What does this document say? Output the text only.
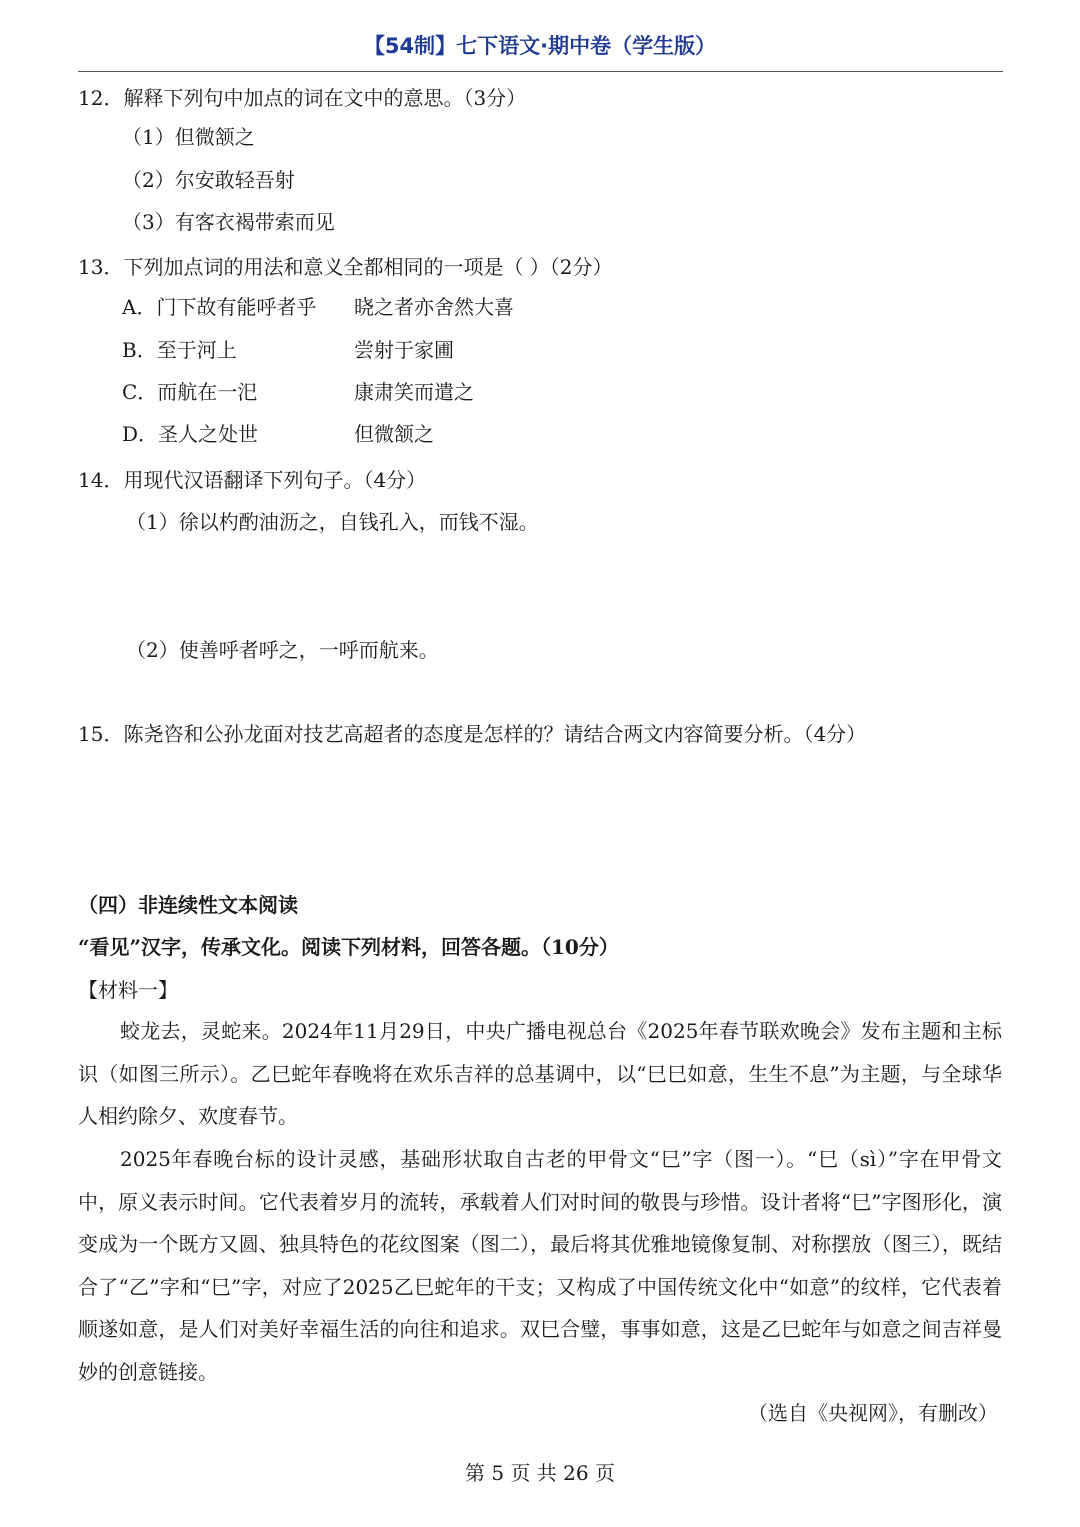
【54制】七下语文·期中卷（学生版）
12．解释下列句中加点的词在文中的意思。（3分）
（1）但微颔之
（2）尔安敢轻吾射
（3）有客衣褐带索而见
13．下列加点词的用法和意义全都相同的一项是（ ）（2分）
A．门下故有能呼者乎 晓之者亦舍然大喜
B．至于河上	尝射于家圃
C．而航在一汜	康肃笑而遣之
D．圣人之处世	但微颔之
14．用现代汉语翻译下列句子。（4分）
（1）徐以杓酌油沥之，自钱孔入，而钱不湿。
（2）使善呼者呼之，一呼而航来。
15．陈尧咨和公孙龙面对技艺高超者的态度是怎样的？请结合两文内容简要分析。（4分）
（四）非连续性文本阅读
“看见”汉字，传承文化。阅读下列材料，回答各题。（10分）
【材料一】
蛟龙去，灵蛇来。2024年11月29日，中央广播电视总台《2025年春节联欢晚会》发布主题和主标识（如图三所示）。乙巳蛇年春晚将在欢乐吉祥的总基调中，以“巳巳如意，生生不息”为主题，与全球华人相约除夕、欢度春节。
2025年春晚台标的设计灵感，基础形状取自古老的甲骨文“巳”字（图一）。“巳（sì）”字在甲骨文中，原义表示时间。它代表着岁月的流转，承载着人们对时间的敬畏与珍惜。设计者将“巳”字图形化，演变成为一个既方又圆、独具特色的花纹图案（图二），最后将其优雅地镜像复制、对称摆放（图三），既结合了“乙”字和“巳”字，对应了2025乙巳蛇年的干支；又构成了中国传统文化中“如意”的纹样，它代表着顺遂如意，是人们对美好幸福生活的向往和追求。双巳合璧，事事如意，这是乙巳蛇年与如意之间吉祥曼妙的创意链接。
（选自《央视网》，有删改）
第 5 页 共 26 页
